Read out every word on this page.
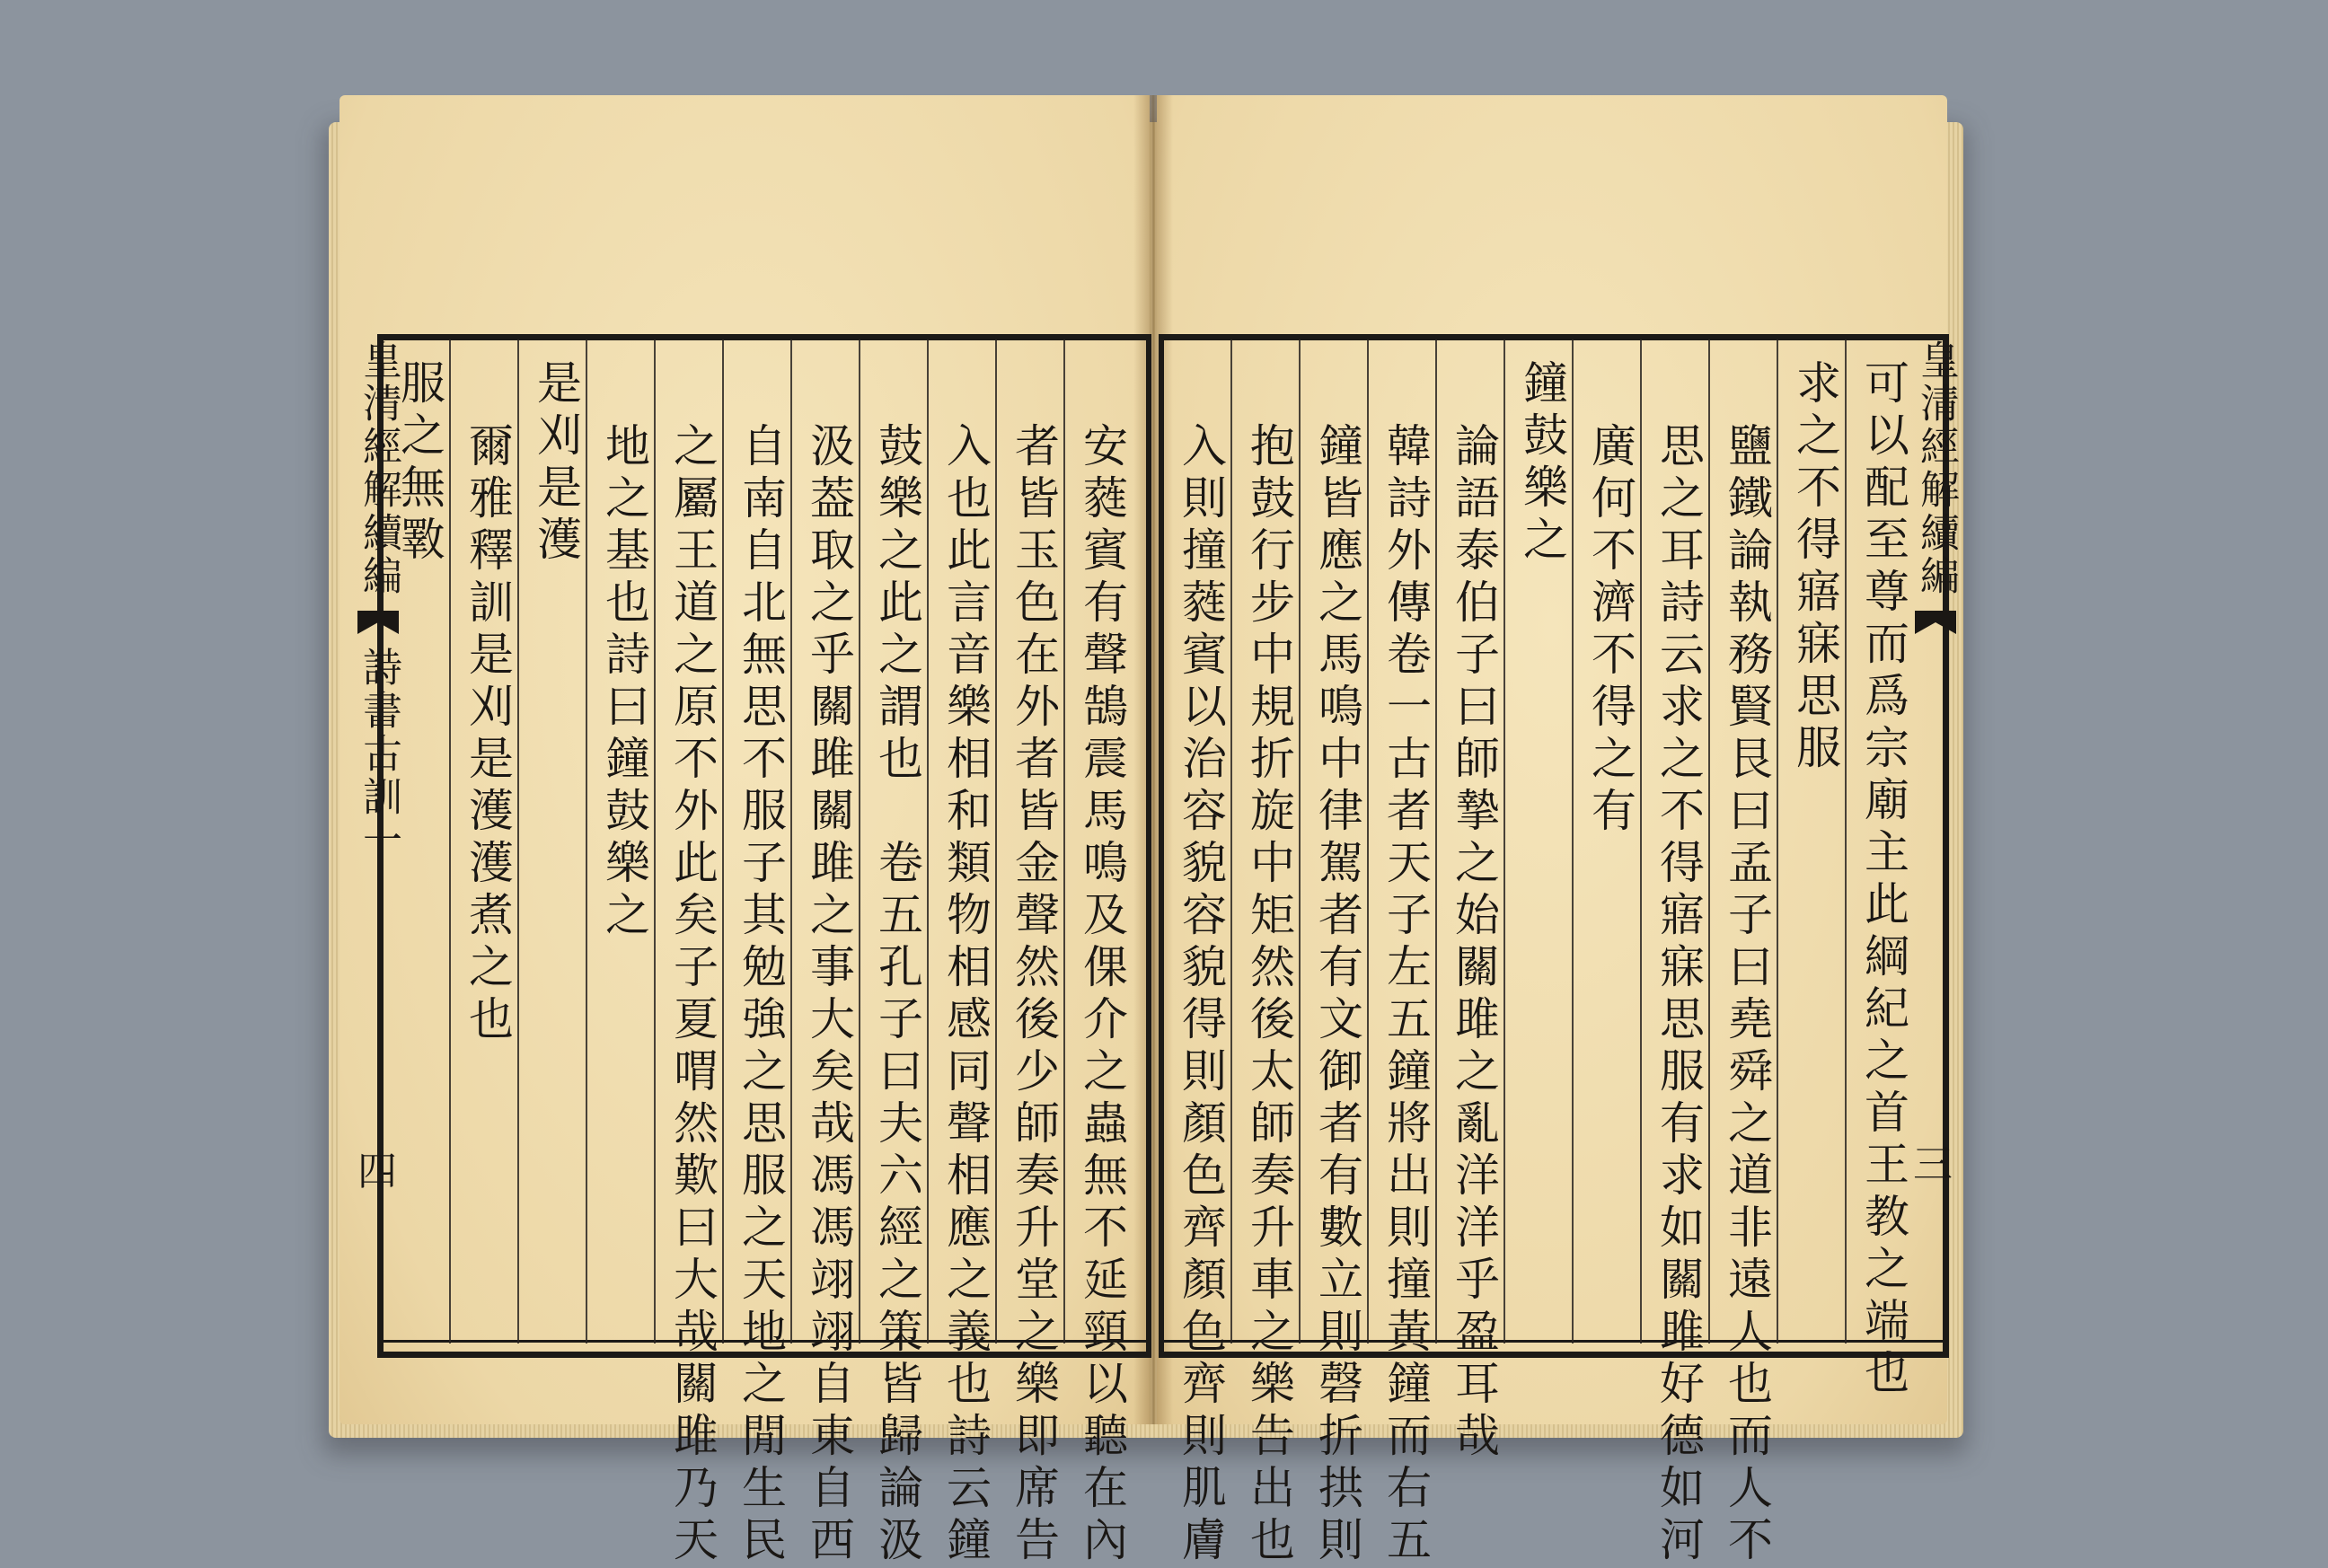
皇清經解續編
詩書古訓一
四
皇清經解續編
三
可以配至尊而爲宗廟主此綱紀之首王教之端也
求之不得寤寐思服
鹽鐵論執務賢艮曰孟子曰堯舜之道非遠人也而人不
思之耳詩云求之不得寤寐思服有求如關雎好德如河
廣何不濟不得之有
鐘鼓樂之
論語泰伯子曰師摯之始關雎之亂洋洋乎盈耳哉
韓詩外傳卷一古者天子左五鐘將出則撞黃鐘而右五
鐘皆應之馬鳴中律駕者有文御者有數立則磬折拱則
抱鼓行步中規折旋中矩然後太師奏升車之樂告出也
入則撞蕤賓以治容貌容貌得則顏色齊顏色齊則肌膚
安蕤賓有聲鵠震馬鳴及倮介之蟲無不延頸以聽在內
者皆玉色在外者皆金聲然後少師奏升堂之樂即席告
入也此言音樂相和類物相感同聲相應之義也詩云鐘
鼓樂之此之謂也　卷五孔子曰夫六經之策皆歸論汲
汲葢取之乎關雎關雎之事大矣哉馮馮翊翊自東自西
自南自北無思不服子其勉強之思服之天地之閒生民
之屬王道之原不外此矣子夏喟然歎曰大哉關雎乃天
地之基也詩曰鐘鼓樂之
是刈是濩
爾雅釋訓是刈是濩濩煮之也
服之無斁
